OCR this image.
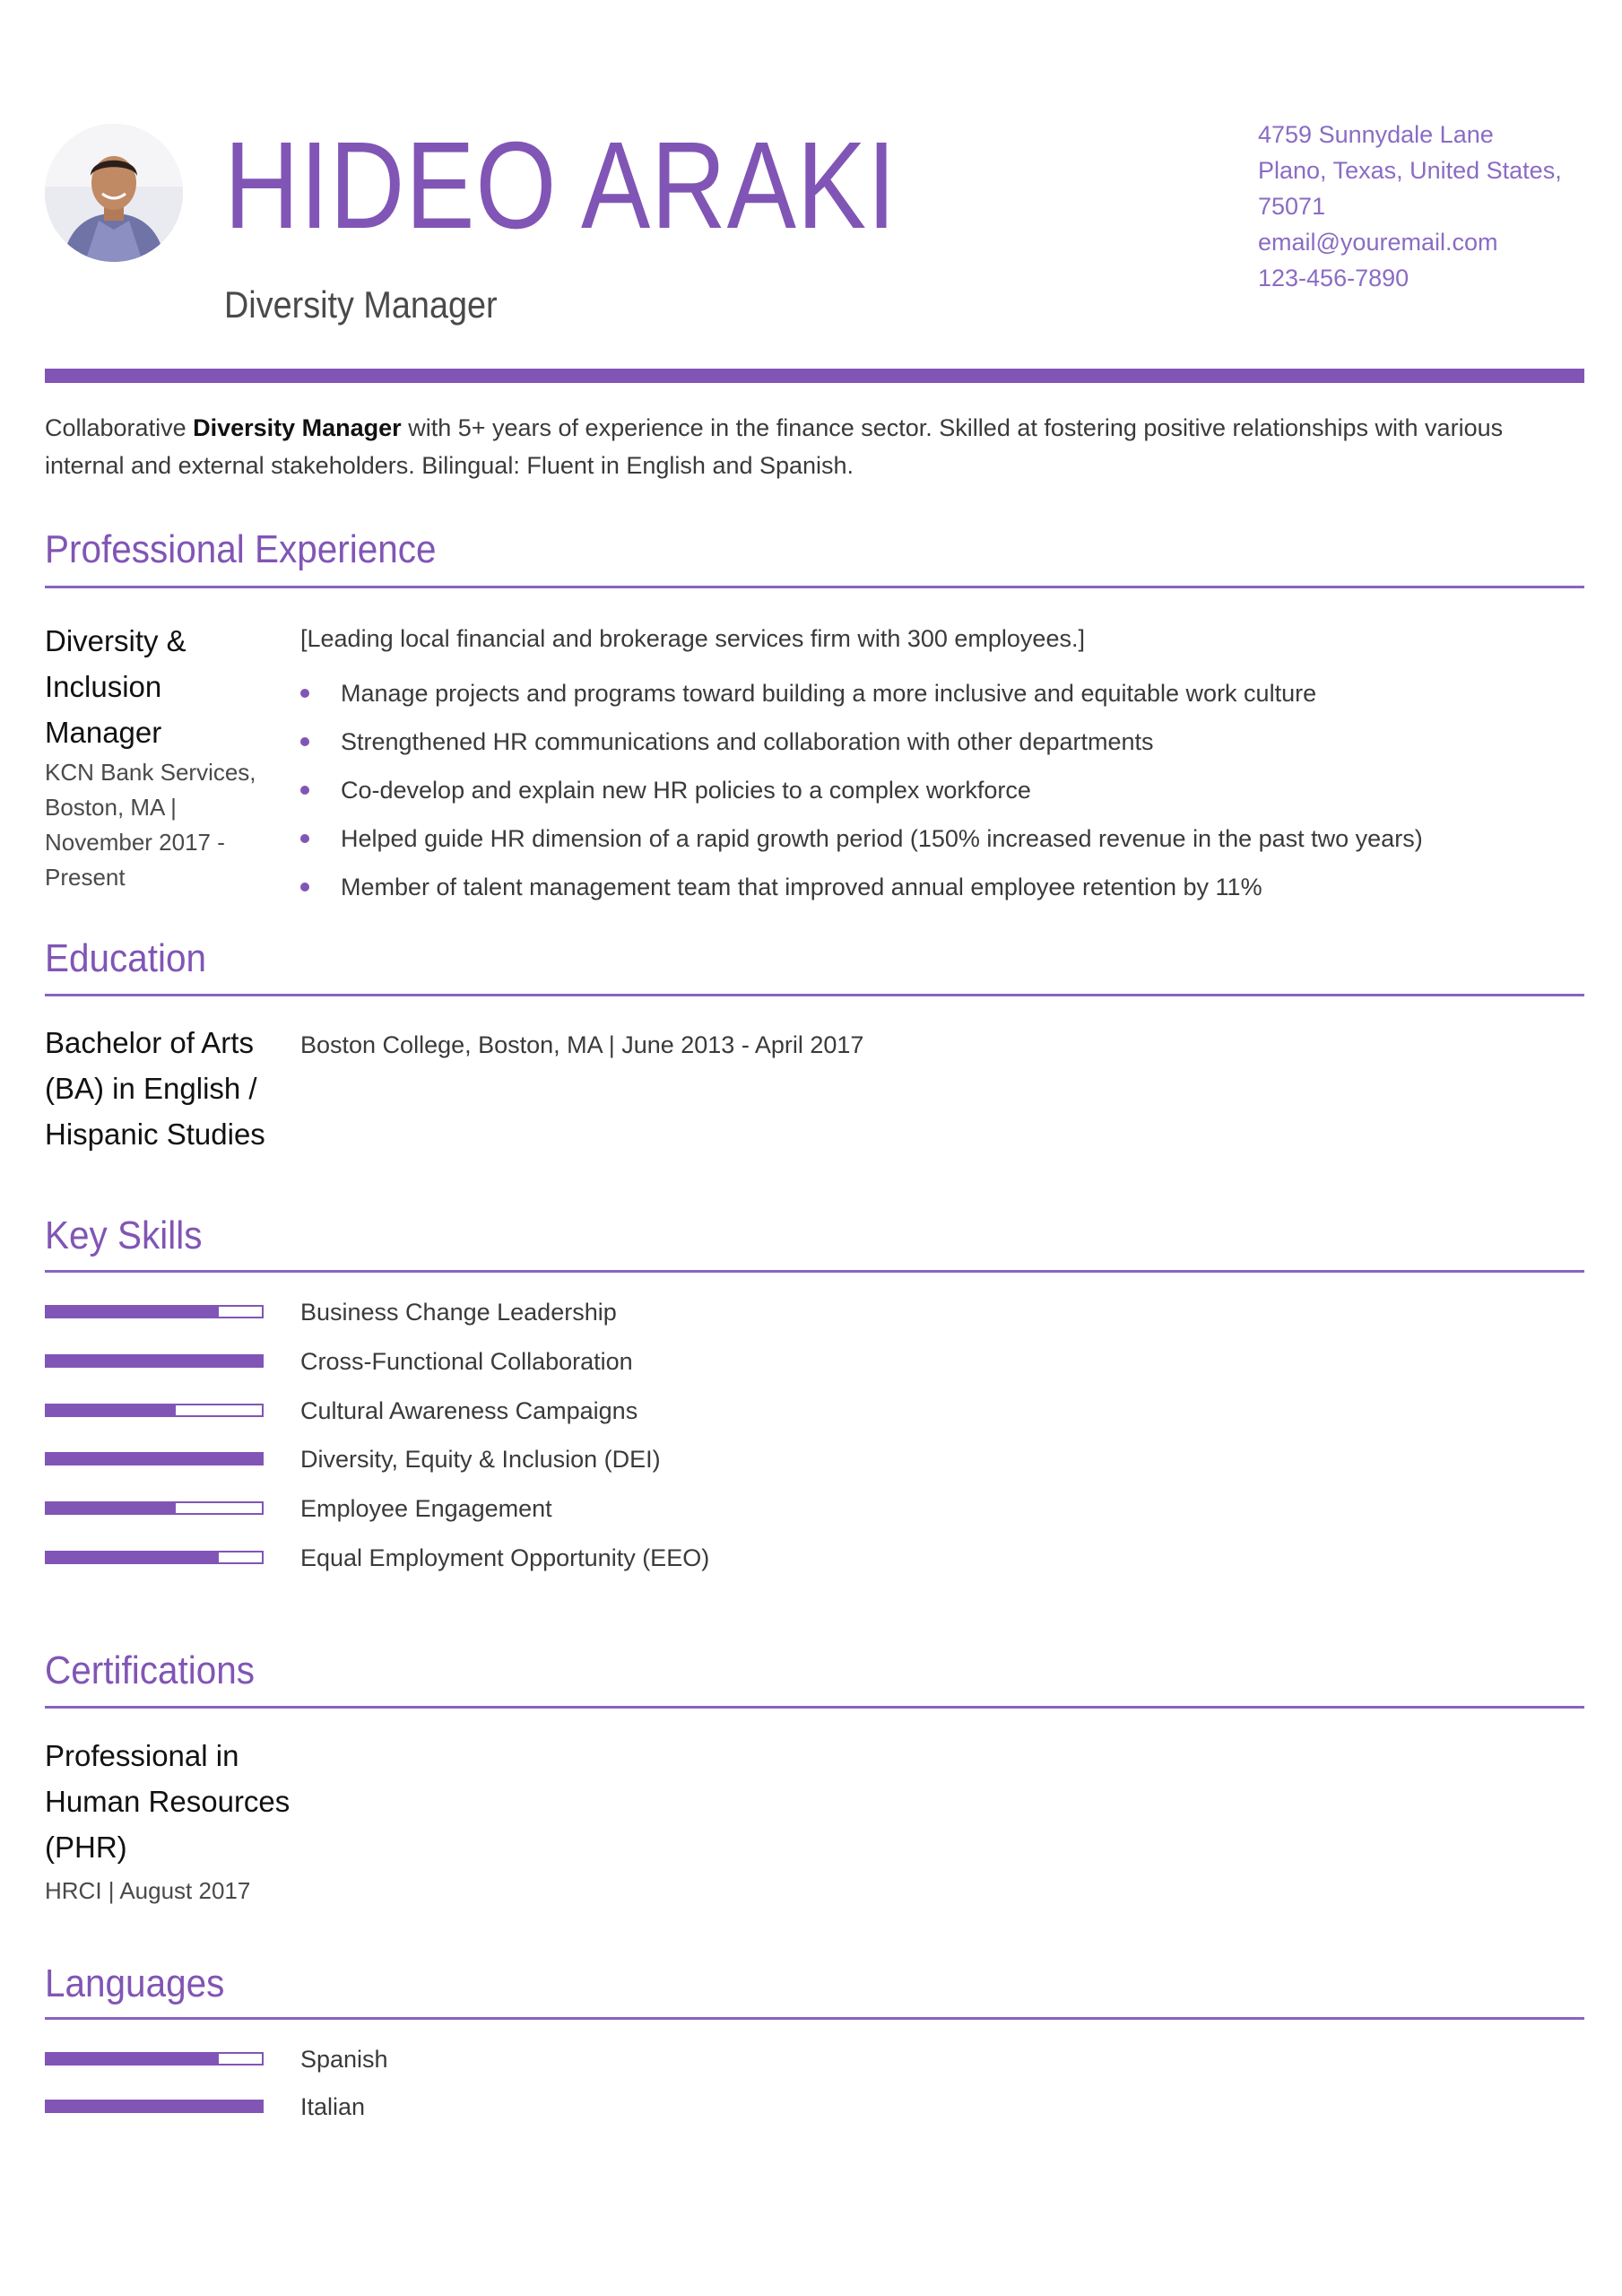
HIDEO ARAKI
Diversity Manager
4759 Sunnydale Lane
Plano, Texas, United States,
75071
email@youremail.com
123-456-7890
Collaborative Diversity Manager with 5+ years of experience in the finance sector. Skilled at fostering positive relationships with various internal and external stakeholders. Bilingual: Fluent in English and Spanish.
Professional Experience
Diversity & Inclusion Manager
KCN Bank Services, Boston, MA | November 2017 - Present
[Leading local financial and brokerage services firm with 300 employees.]
Manage projects and programs toward building a more inclusive and equitable work culture
Strengthened HR communications and collaboration with other departments
Co-develop and explain new HR policies to a complex workforce
Helped guide HR dimension of a rapid growth period (150% increased revenue in the past two years)
Member of talent management team that improved annual employee retention by 11%
Education
Bachelor of Arts (BA) in English / Hispanic Studies
Boston College, Boston, MA | June 2013 - April 2017
Key Skills
Business Change Leadership
Cross-Functional Collaboration
Cultural Awareness Campaigns
Diversity, Equity & Inclusion (DEI)
Employee Engagement
Equal Employment Opportunity (EEO)
Certifications
Professional in Human Resources (PHR)
HRCI | August 2017
Languages
Spanish
Italian
